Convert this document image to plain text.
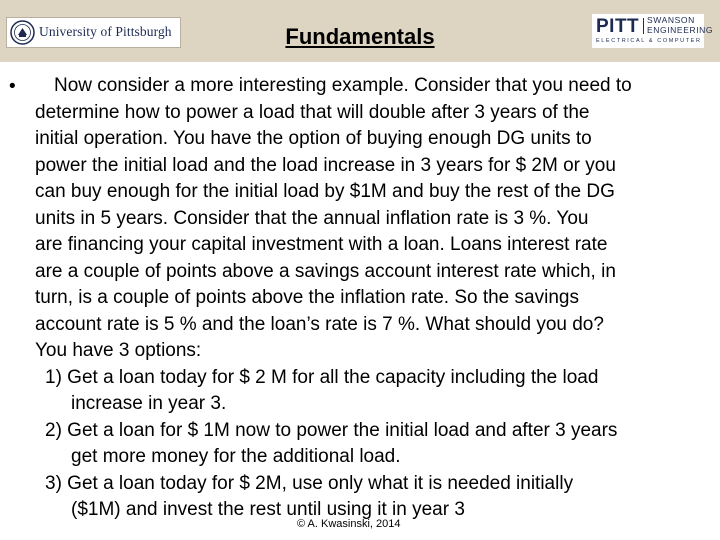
University of Pittsburgh	Fundamentals	PITT SWANSON
ENGINEERING
ELECTRICAL & COMPUTER
•	Now consider a more interesting example. Consider that you need to
determine how to power a load that will double after 3 years of the
initial operation. You have the option of buying enough DG units to
power the initial load and the load increase in 3 years for $ 2M or you
can buy enough for the initial load by $1M and buy the rest of the DG
units in 5 years. Consider that the annual inflation rate is 3 %. You
are financing your capital investment with a loan. Loans interest rate
are a couple of points above a savings account interest rate which, in
turn, is a couple of points above the inflation rate. So the savings
account rate is 5 % and the loan’s rate is 7 %. What should you do?
You have 3 options:
1) Get a loan today for $ 2 M for all the capacity including the load
increase in year 3.
2) Get a loan for $ 1M now to power the initial load and after 3 years
get more money for the additional load.
3) Get a loan today for $ 2M, use only what it is needed initially
($1M) and invest the rest until using it in year 3
© A. Kwasinski, 2014
